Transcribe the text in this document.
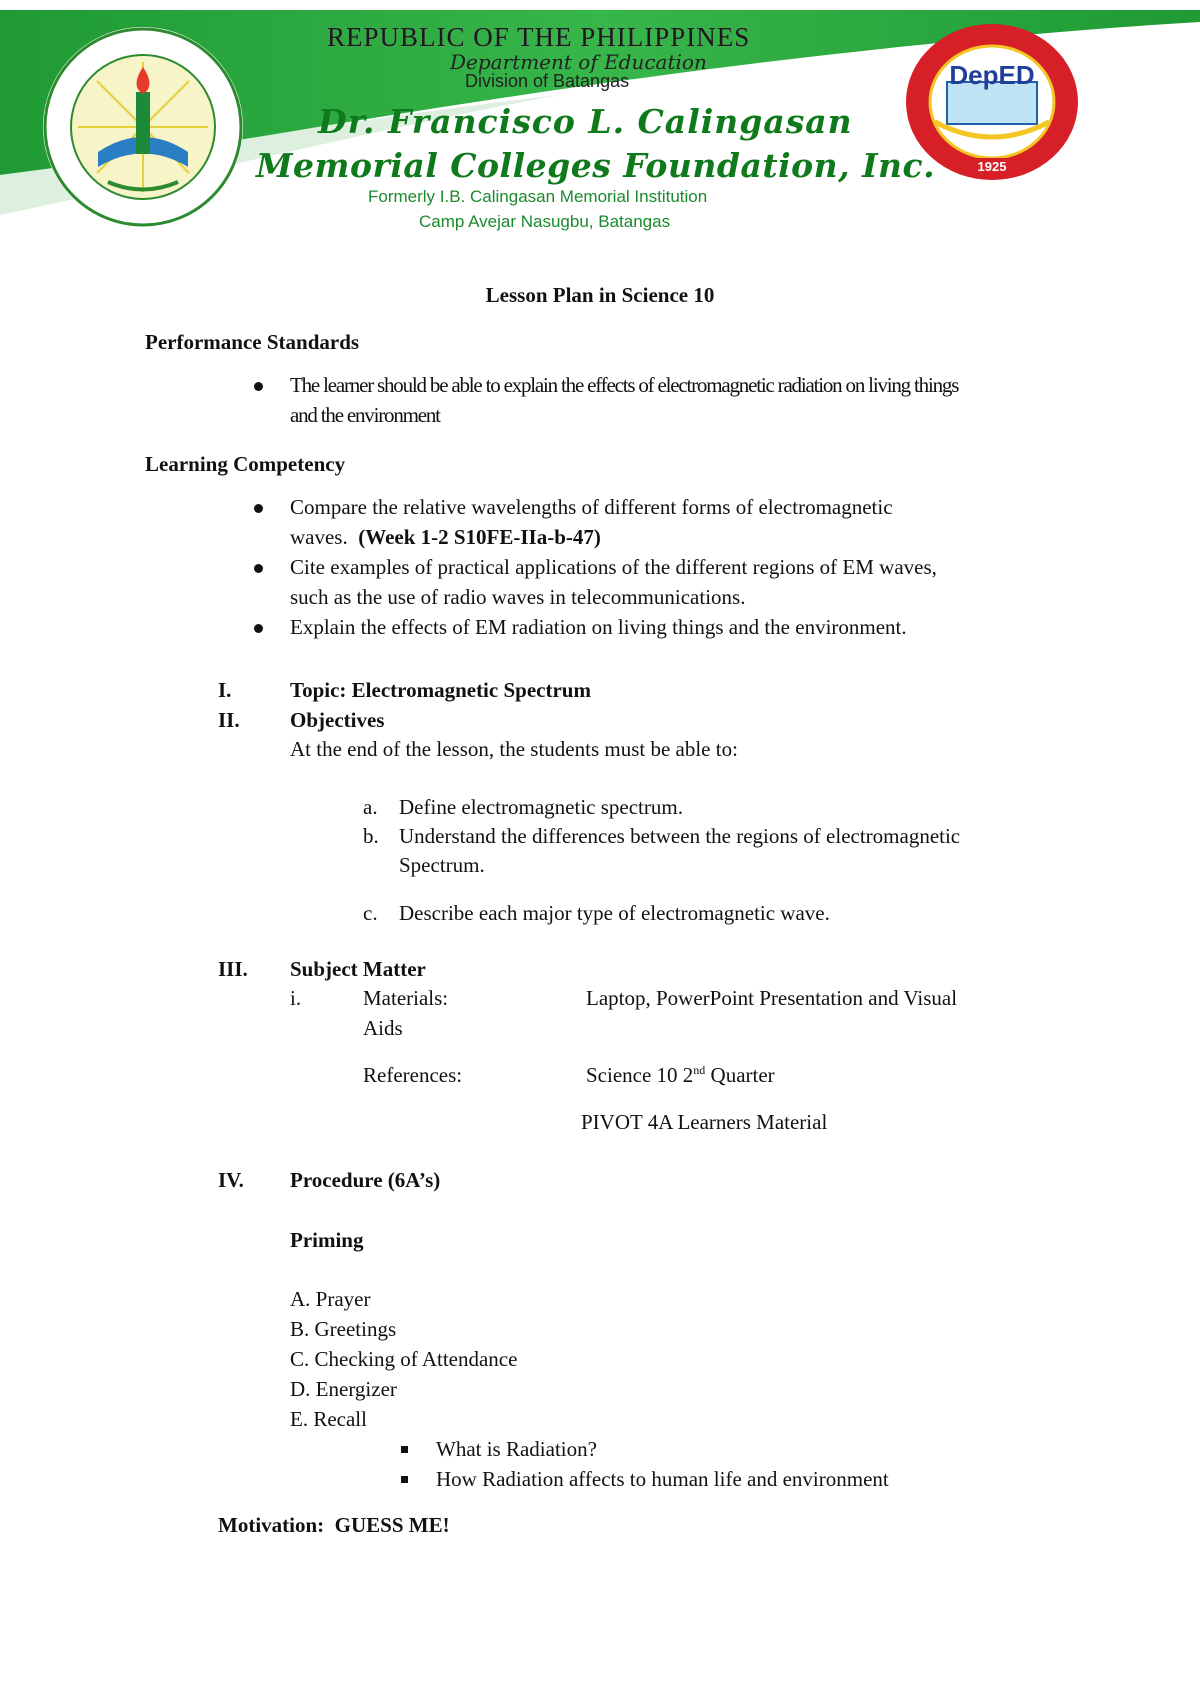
DepED
1925
REPUBLIC OF THE PHILIPPINES
Department of Education
Division of Batangas
Dr. Francisco L. Calingasan
Memorial Colleges Foundation, Inc.
Formerly I.B. Calingasan Memorial Institution
Camp Avejar Nasugbu, Batangas
Lesson Plan in Science 10
Performance Standards
The learner should be able to explain the effects of electromagnetic radiation on living things
and the environment
Learning Competency
Compare the relative wavelengths of different forms of electromagnetic
waves. (Week 1-2 S10FE-IIa-b-47)
Cite examples of practical applications of the different regions of EM waves,
such as the use of radio waves in telecommunications.
Explain the effects of EM radiation on living things and the environment.
I.	Topic: Electromagnetic Spectrum
II. Objectives
At the end of the lesson, the students must be able to:
a. Define electromagnetic spectrum.
b. Understand the differences between the regions of electromagnetic
Spectrum.
c. Describe each major type of electromagnetic wave.
III. Subject Matter
i.	Materials:	Laptop, PowerPoint Presentation and Visual
Aids
References:	Science 10 2nd Quarter
PIVOT 4A Learners Material
IV. Procedure (6A’s)
Priming
A. Prayer
B. Greetings
C. Checking of Attendance
D. Energizer
E. Recall
What is Radiation?
How Radiation affects to human life and environment
Motivation: GUESS ME!
